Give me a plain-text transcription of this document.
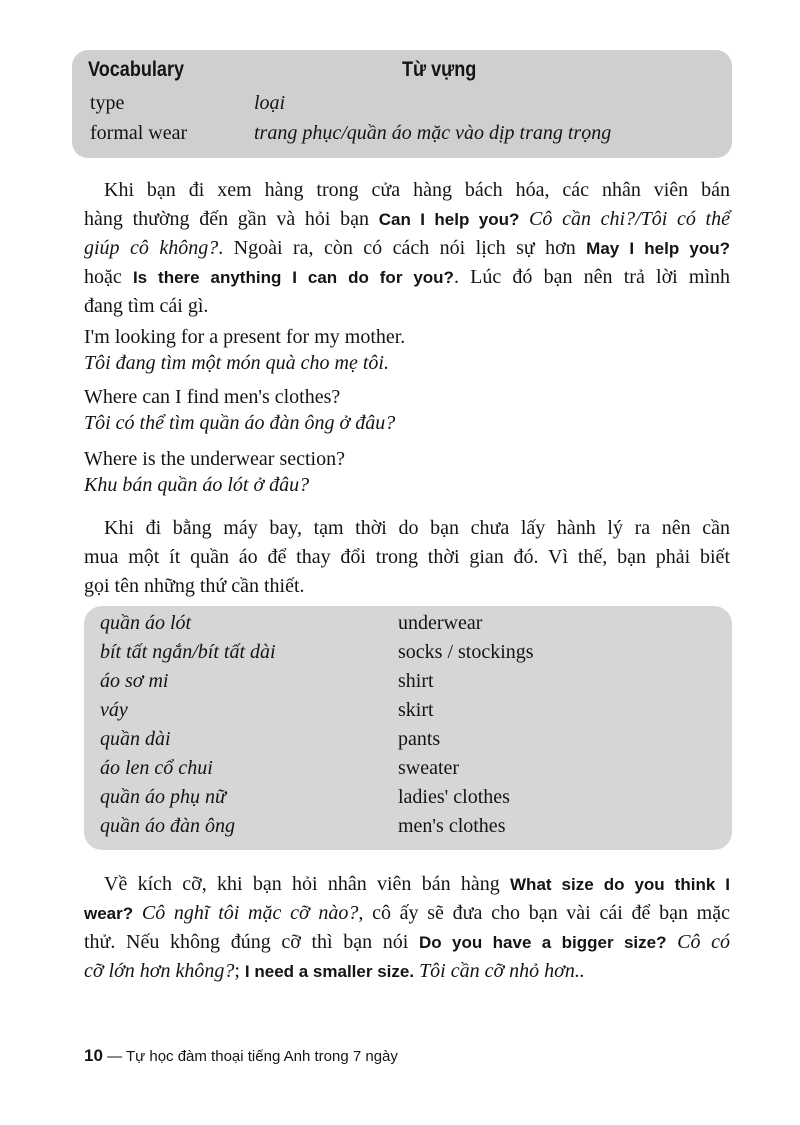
Vocabulary	Từ vựng
type	loại
formal wear	trang phục/quần áo mặc vào dịp trang trọng

Khi bạn đi xem hàng trong cửa hàng bách hóa, các nhân viên bán
hàng thường đến gần và hỏi bạn Can I help you? Cô cần chi?/Tôi có thể
giúp cô không?. Ngoài ra, còn có cách nói lịch sự hơn May I help you?
hoặc Is there anything I can do for you?. Lúc đó bạn nên trả lời mình
đang tìm cái gì.

I'm looking for a present for my mother.
Tôi đang tìm một món quà cho mẹ tôi.
Where can I find men's clothes?
Tôi có thể tìm quần áo đàn ông ở đâu?
Where is the underwear section?
Khu bán quần áo lót ở đâu?

Khi đi bằng máy bay, tạm thời do bạn chưa lấy hành lý ra nên cần
mua một ít quần áo để thay đổi trong thời gian đó. Vì thế, bạn phải biết
gọi tên những thứ cần thiết.

quần áo lót	underwear
bít tất ngắn/bít tất dài	socks / stockings
áo sơ mi	shirt
váy	skirt
quần dài	pants
áo len cổ chui	sweater
quần áo phụ nữ	ladies' clothes
quần áo đàn ông	men's clothes

Về kích cỡ, khi bạn hỏi nhân viên bán hàng What size do you think I
wear? Cô nghĩ tôi mặc cỡ nào?, cô ấy sẽ đưa cho bạn vài cái để bạn mặc
thử. Nếu không đúng cỡ thì bạn nói Do you have a bigger size? Cô có
cỡ lớn hơn không?; I need a smaller size. Tôi cần cỡ nhỏ hơn..

10 — Tự học đàm thoại tiếng Anh trong 7 ngày
